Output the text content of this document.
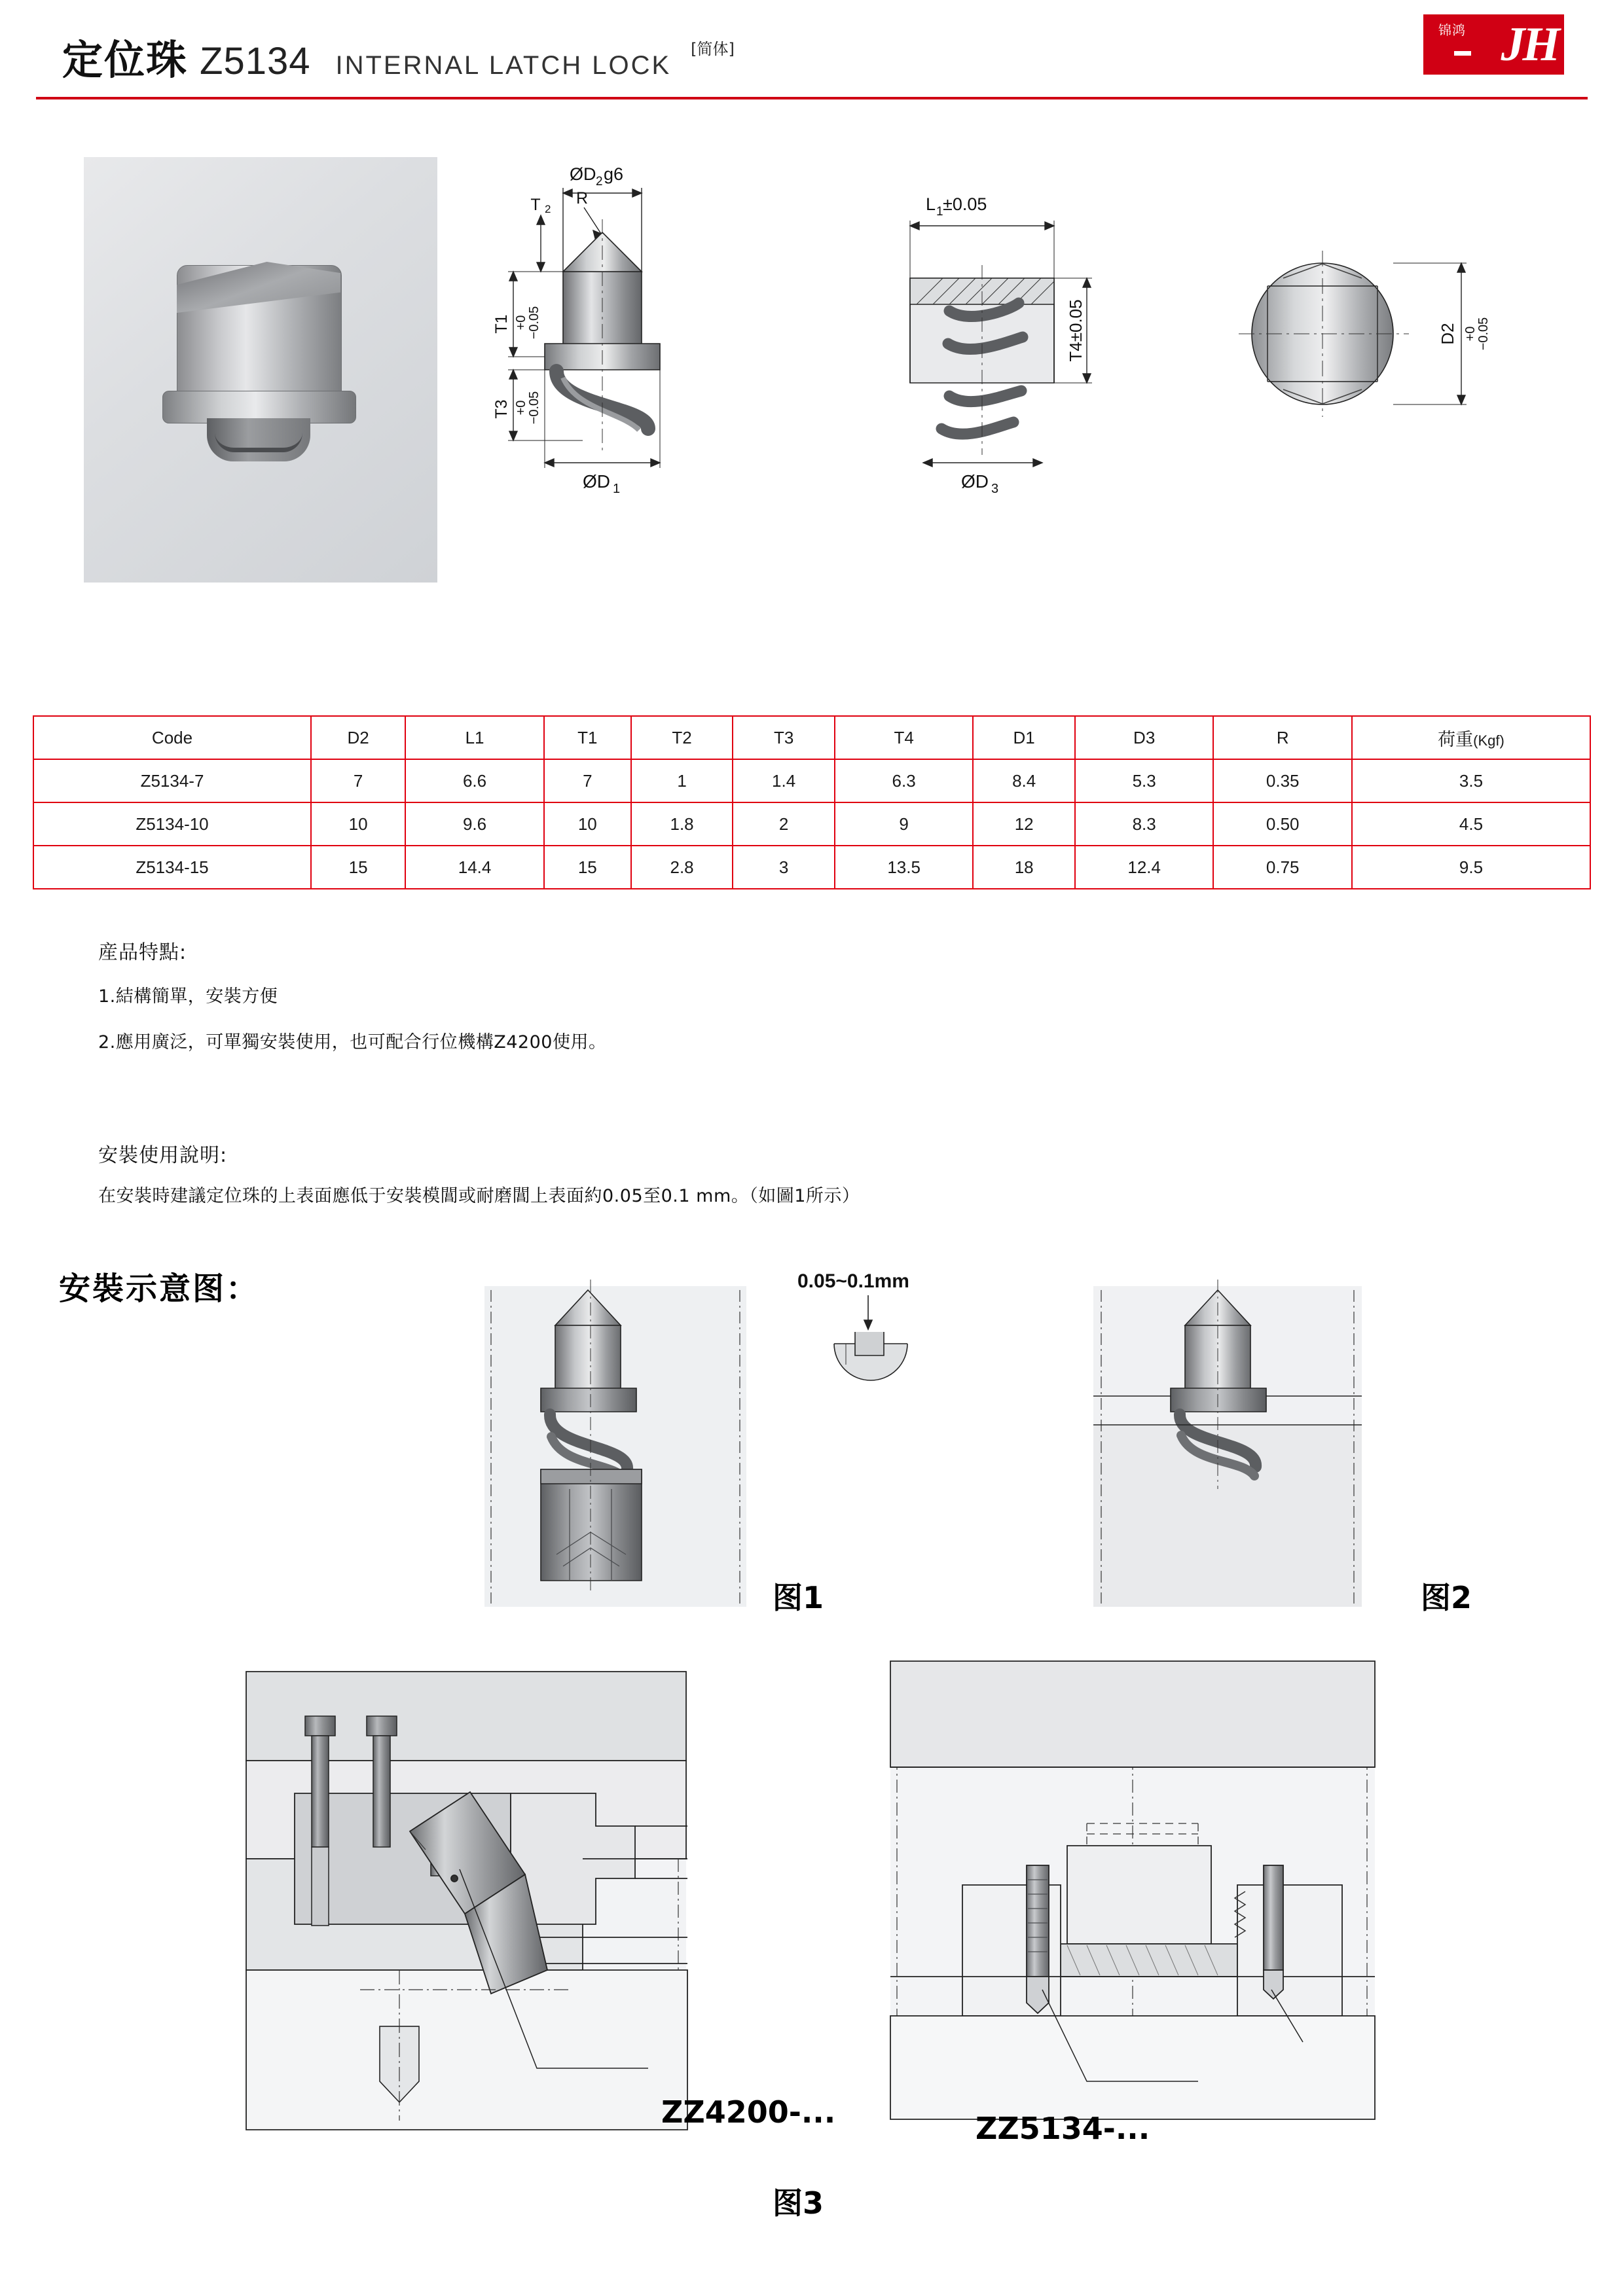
定位珠 Z5134 INTERNAL LATCH LOCK
[简体]
锦鸿 JH
ØD 2 g6
T 2
R
T1 +0
−0.05
T3 +0
−0.05
ØD 1
L 1 ±0.05
T4±0.05
ØD 3
D2 +0
−0.05
Code	D2	L1	T1	T2	T3	T4	D1	D3	R	荷重(Kgf)
Z5134-7	7	6.6	7	1	1.4	6.3	8.4	5.3	0.35	3.5
Z5134-10	10	9.6	10	1.8	2	9	12	8.3	0.50	4.5
Z5134-15	15	14.4	15	2.8	3	13.5	18	12.4	0.75	9.5
産品特點:
1.結構簡單，安裝方便
2.應用廣泛，可單獨安裝使用，也可配合行位機構Z4200使用。
安裝使用說明:
在安裝時建議定位珠的上表面應低于安裝模閶或耐磨閶上表面約0.05至0.1 mm。（如圖1所示）
安裝示意图：
图1
0.05~0.1mm
图2
ZZ4200-...
图3
ZZ5134-...
